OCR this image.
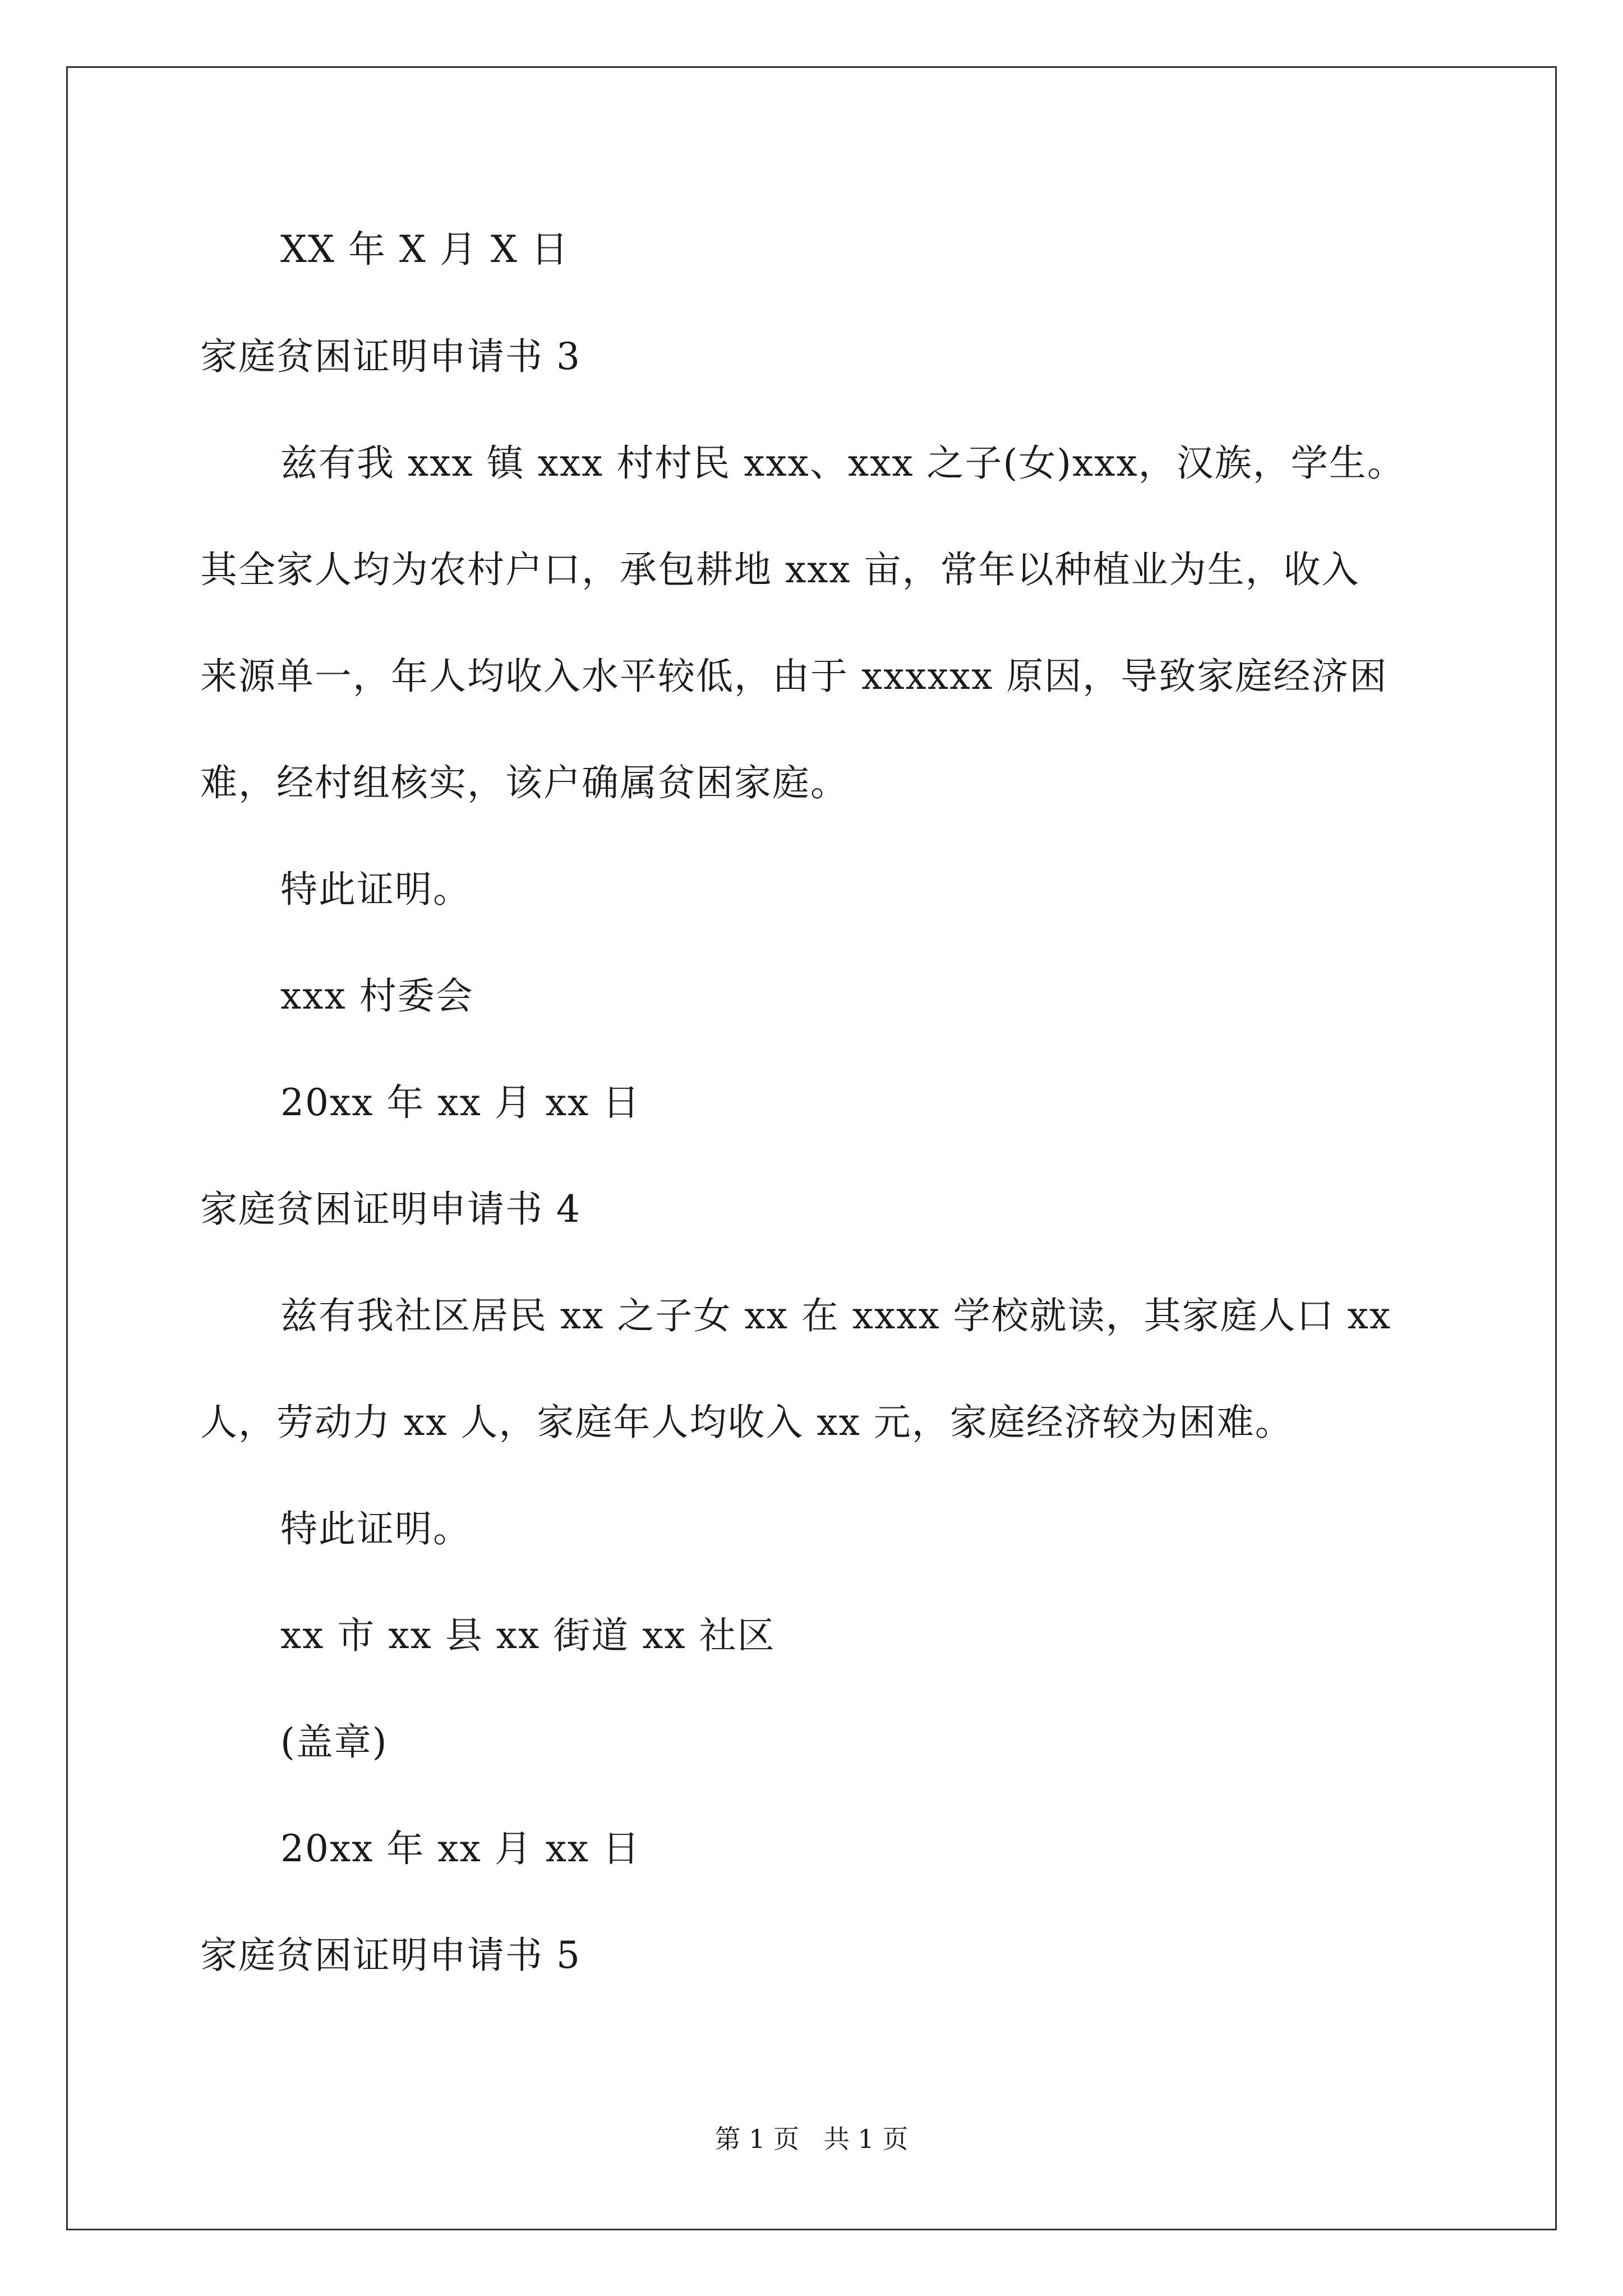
XX 年 X 月 X 日
家庭贫困证明申请书 3
兹有我 xxx 镇 xxx 村村民 xxx、xxx 之子(女)xxx，汉族，学生。
其全家人均为农村户口，承包耕地 xxx 亩，常年以种植业为生，收入
来源单一，年人均收入水平较低，由于 xxxxxx 原因，导致家庭经济困
难，经村组核实，该户确属贫困家庭。
特此证明。
xxx 村委会
20xx 年 xx 月 xx 日
家庭贫困证明申请书 4
兹有我社区居民 xx 之子女 xx 在 xxxx 学校就读，其家庭人口 xx
人，劳动力 xx 人，家庭年人均收入 xx 元，家庭经济较为困难。
特此证明。
xx 市 xx 县 xx 街道 xx 社区
(盖章)
20xx 年 xx 月 xx 日
家庭贫困证明申请书 5
第 1 页   共 1 页
